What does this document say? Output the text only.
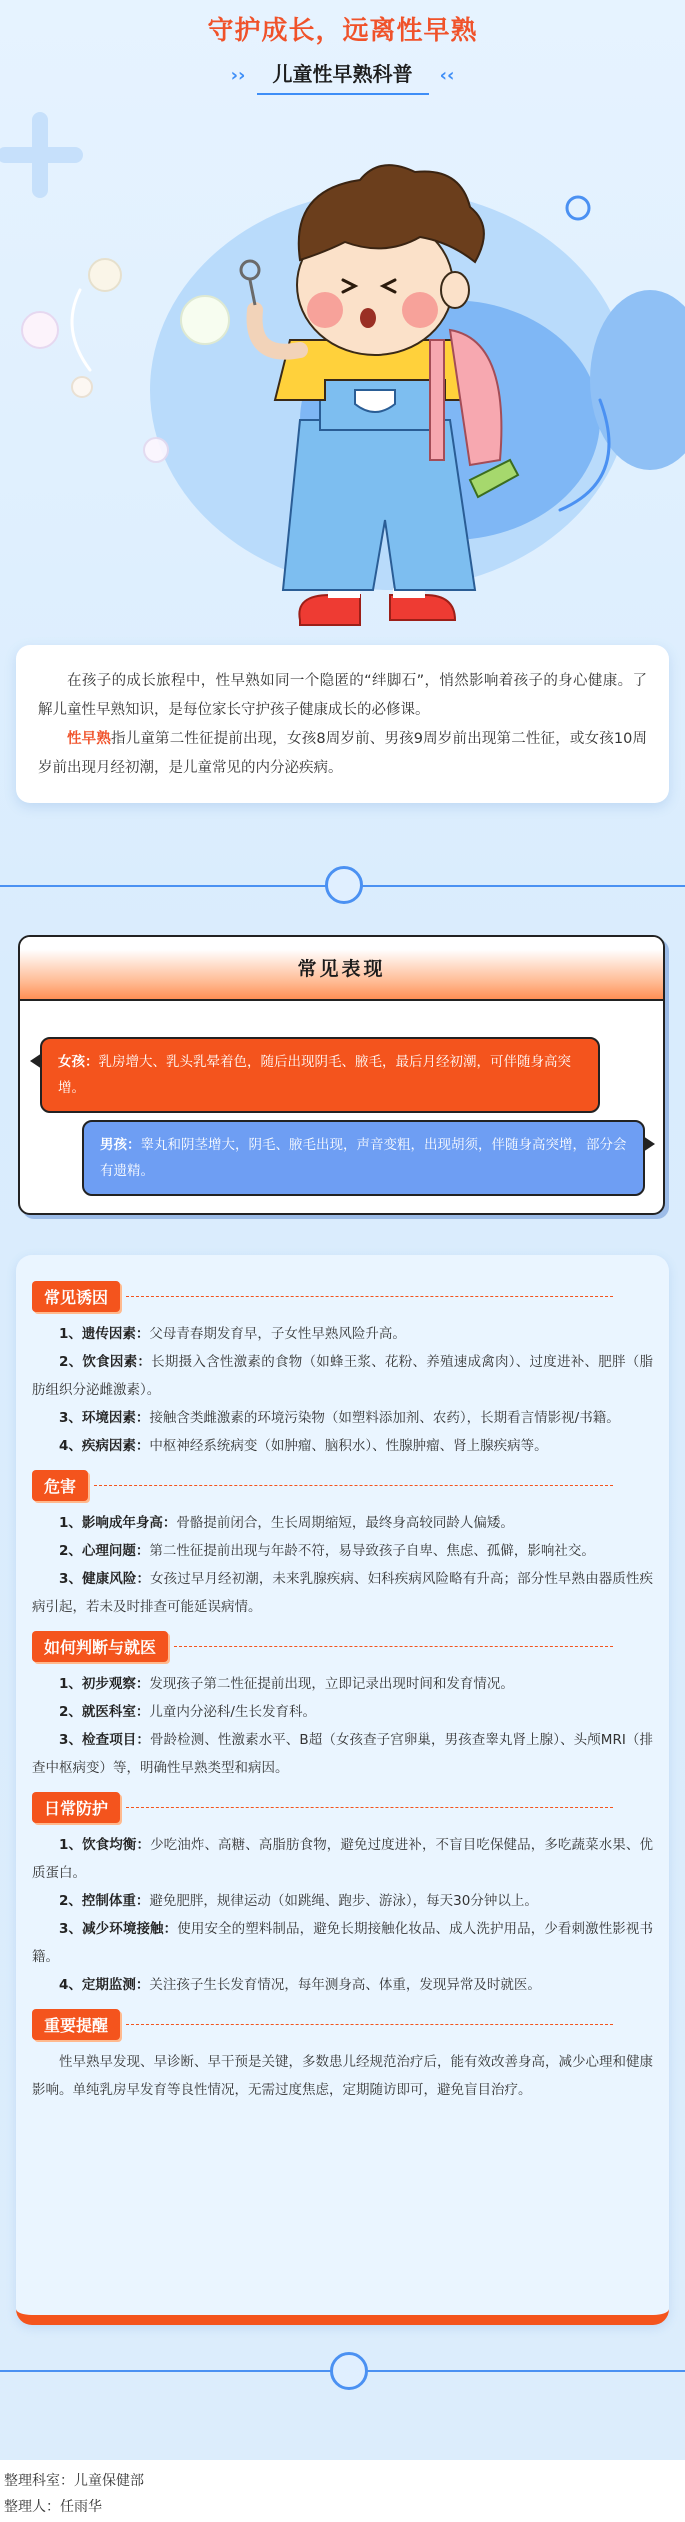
守护成长，远离性早熟
›› 儿童性早熟科普 ‹‹

在孩子的成长旅程中，性早熟如同一个隐匿的“绊脚石”，悄然影响着孩子的身心健康。了解儿童性早熟知识，是每位家长守护孩子健康成长的必修课。

性早熟指儿童第二性征提前出现，女孩8周岁前、男孩9周岁前出现第二性征，或女孩10周岁前出现月经初潮，是儿童常见的内分泌疾病。

常见表现
女孩：乳房增大、乳头乳晕着色，随后出现阴毛、腋毛，最后月经初潮，可伴随身高突增。
男孩：睾丸和阴茎增大，阴毛、腋毛出现，声音变粗，出现胡须，伴随身高突增，部分会有遗精。
常见诱因
1、遗传因素：父母青春期发育早，子女性早熟风险升高。
2、饮食因素：长期摄入含性激素的食物（如蜂王浆、花粉、养殖速成禽肉）、过度进补、肥胖（脂肪组织分泌雌激素）。
3、环境因素：接触含类雌激素的环境污染物（如塑料添加剂、农药），长期看言情影视/书籍。
4、疾病因素：中枢神经系统病变（如肿瘤、脑积水）、性腺肿瘤、肾上腺疾病等。
危害
1、影响成年身高：骨骼提前闭合，生长周期缩短，最终身高较同龄人偏矮。
2、心理问题：第二性征提前出现与年龄不符，易导致孩子自卑、焦虑、孤僻，影响社交。
3、健康风险：女孩过早月经初潮，未来乳腺疾病、妇科疾病风险略有升高；部分性早熟由器质性疾病引起，若未及时排查可能延误病情。
如何判断与就医
1、初步观察：发现孩子第二性征提前出现，立即记录出现时间和发育情况。
2、就医科室：儿童内分泌科/生长发育科。
3、检查项目：骨龄检测、性激素水平、B超（女孩查子宫卵巢，男孩查睾丸肾上腺）、头颅MRI（排查中枢病变）等，明确性早熟类型和病因。
日常防护
1、饮食均衡：少吃油炸、高糖、高脂肪食物，避免过度进补，不盲目吃保健品，多吃蔬菜水果、优质蛋白。
2、控制体重：避免肥胖，规律运动（如跳绳、跑步、游泳），每天30分钟以上。
3、减少环境接触：使用安全的塑料制品，避免长期接触化妆品、成人洗护用品，少看刺激性影视书籍。
4、定期监测：关注孩子生长发育情况，每年测身高、体重，发现异常及时就医。
重要提醒
性早熟早发现、早诊断、早干预是关键，多数患儿经规范治疗后，能有效改善身高，减少心理和健康影响。单纯乳房早发育等良性情况，无需过度焦虑，定期随访即可，避免盲目治疗。
整理科室：儿童保健部
整理人：任雨华
